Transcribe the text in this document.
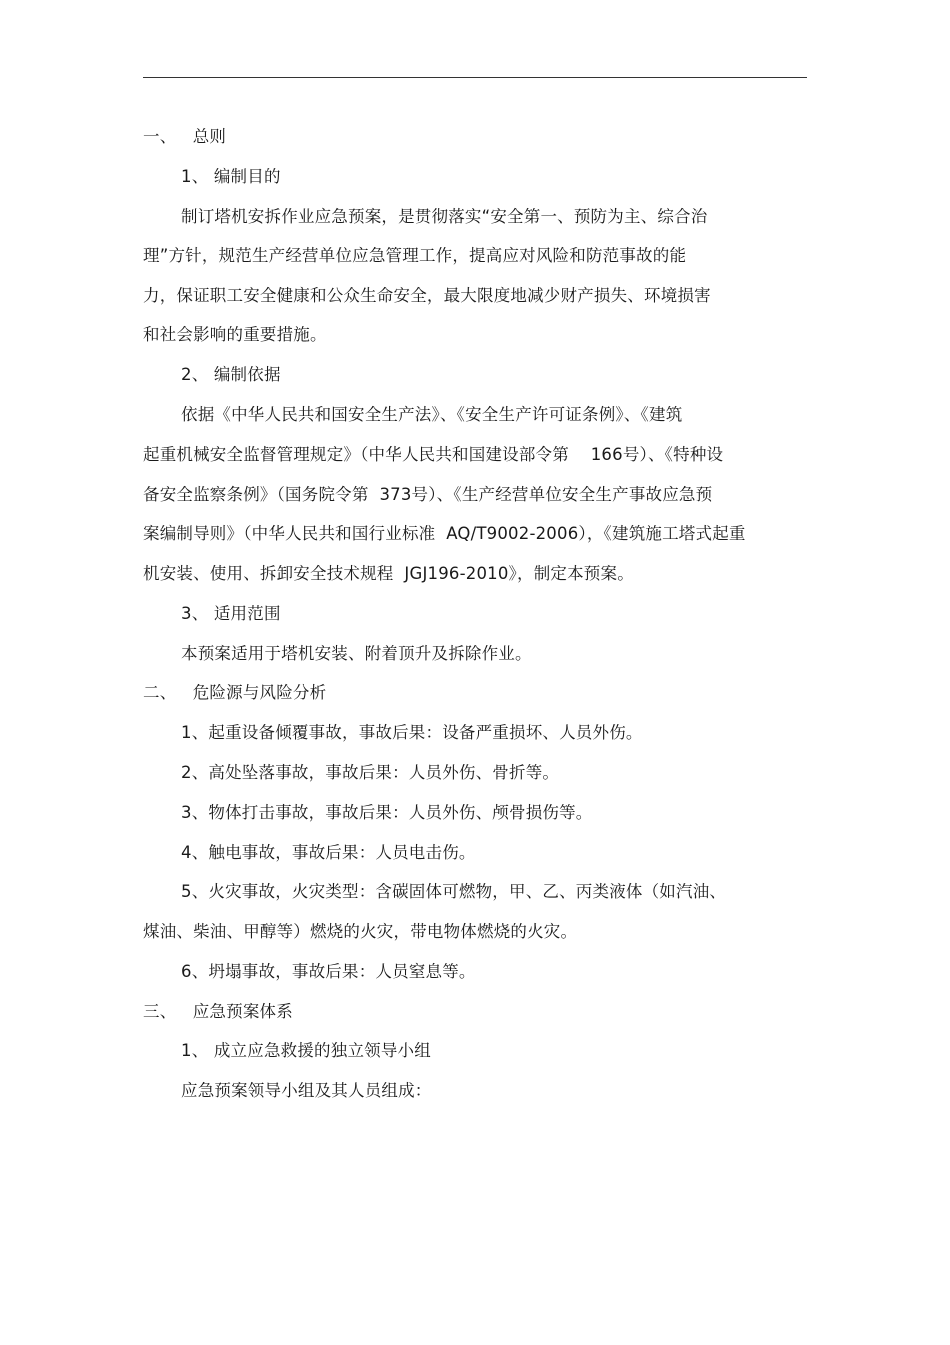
一、   总则
1、 编制目的
制订塔机安拆作业应急预案，是贯彻落实“安全第一、预防为主、综合治
理”方针，规范生产经营单位应急管理工作，提高应对风险和防范事故的能
力，保证职工安全健康和公众生命安全，最大限度地减少财产损失、环境损害
和社会影响的重要措施。
2、 编制依据
依据《中华人民共和国安全生产法》、《安全生产许可证条例》、《建筑
起重机械安全监督管理规定》（中华人民共和国建设部令第    166号）、《特种设
备安全监察条例》（国务院令第  373号）、《生产经营单位安全生产事故应急预
案编制导则》（中华人民共和国行业标准  AQ/T9002-2006），《建筑施工塔式起重
机安装、使用、拆卸安全技术规程  JGJ196-2010》，制定本预案。
3、 适用范围
本预案适用于塔机安装、附着顶升及拆除作业。
二、   危险源与风险分析
1、起重设备倾覆事故，事故后果：设备严重损坏、人员外伤。
2、高处坠落事故，事故后果：人员外伤、骨折等。
3、物体打击事故，事故后果：人员外伤、颅骨损伤等。
4、触电事故，事故后果：人员电击伤。
5、火灾事故，火灾类型：含碳固体可燃物，甲、乙、丙类液体（如汽油、
煤油、柴油、甲醇等）燃烧的火灾，带电物体燃烧的火灾。
6、坍塌事故，事故后果：人员窒息等。
三、   应急预案体系
1、 成立应急救援的独立领导小组
应急预案领导小组及其人员组成：
